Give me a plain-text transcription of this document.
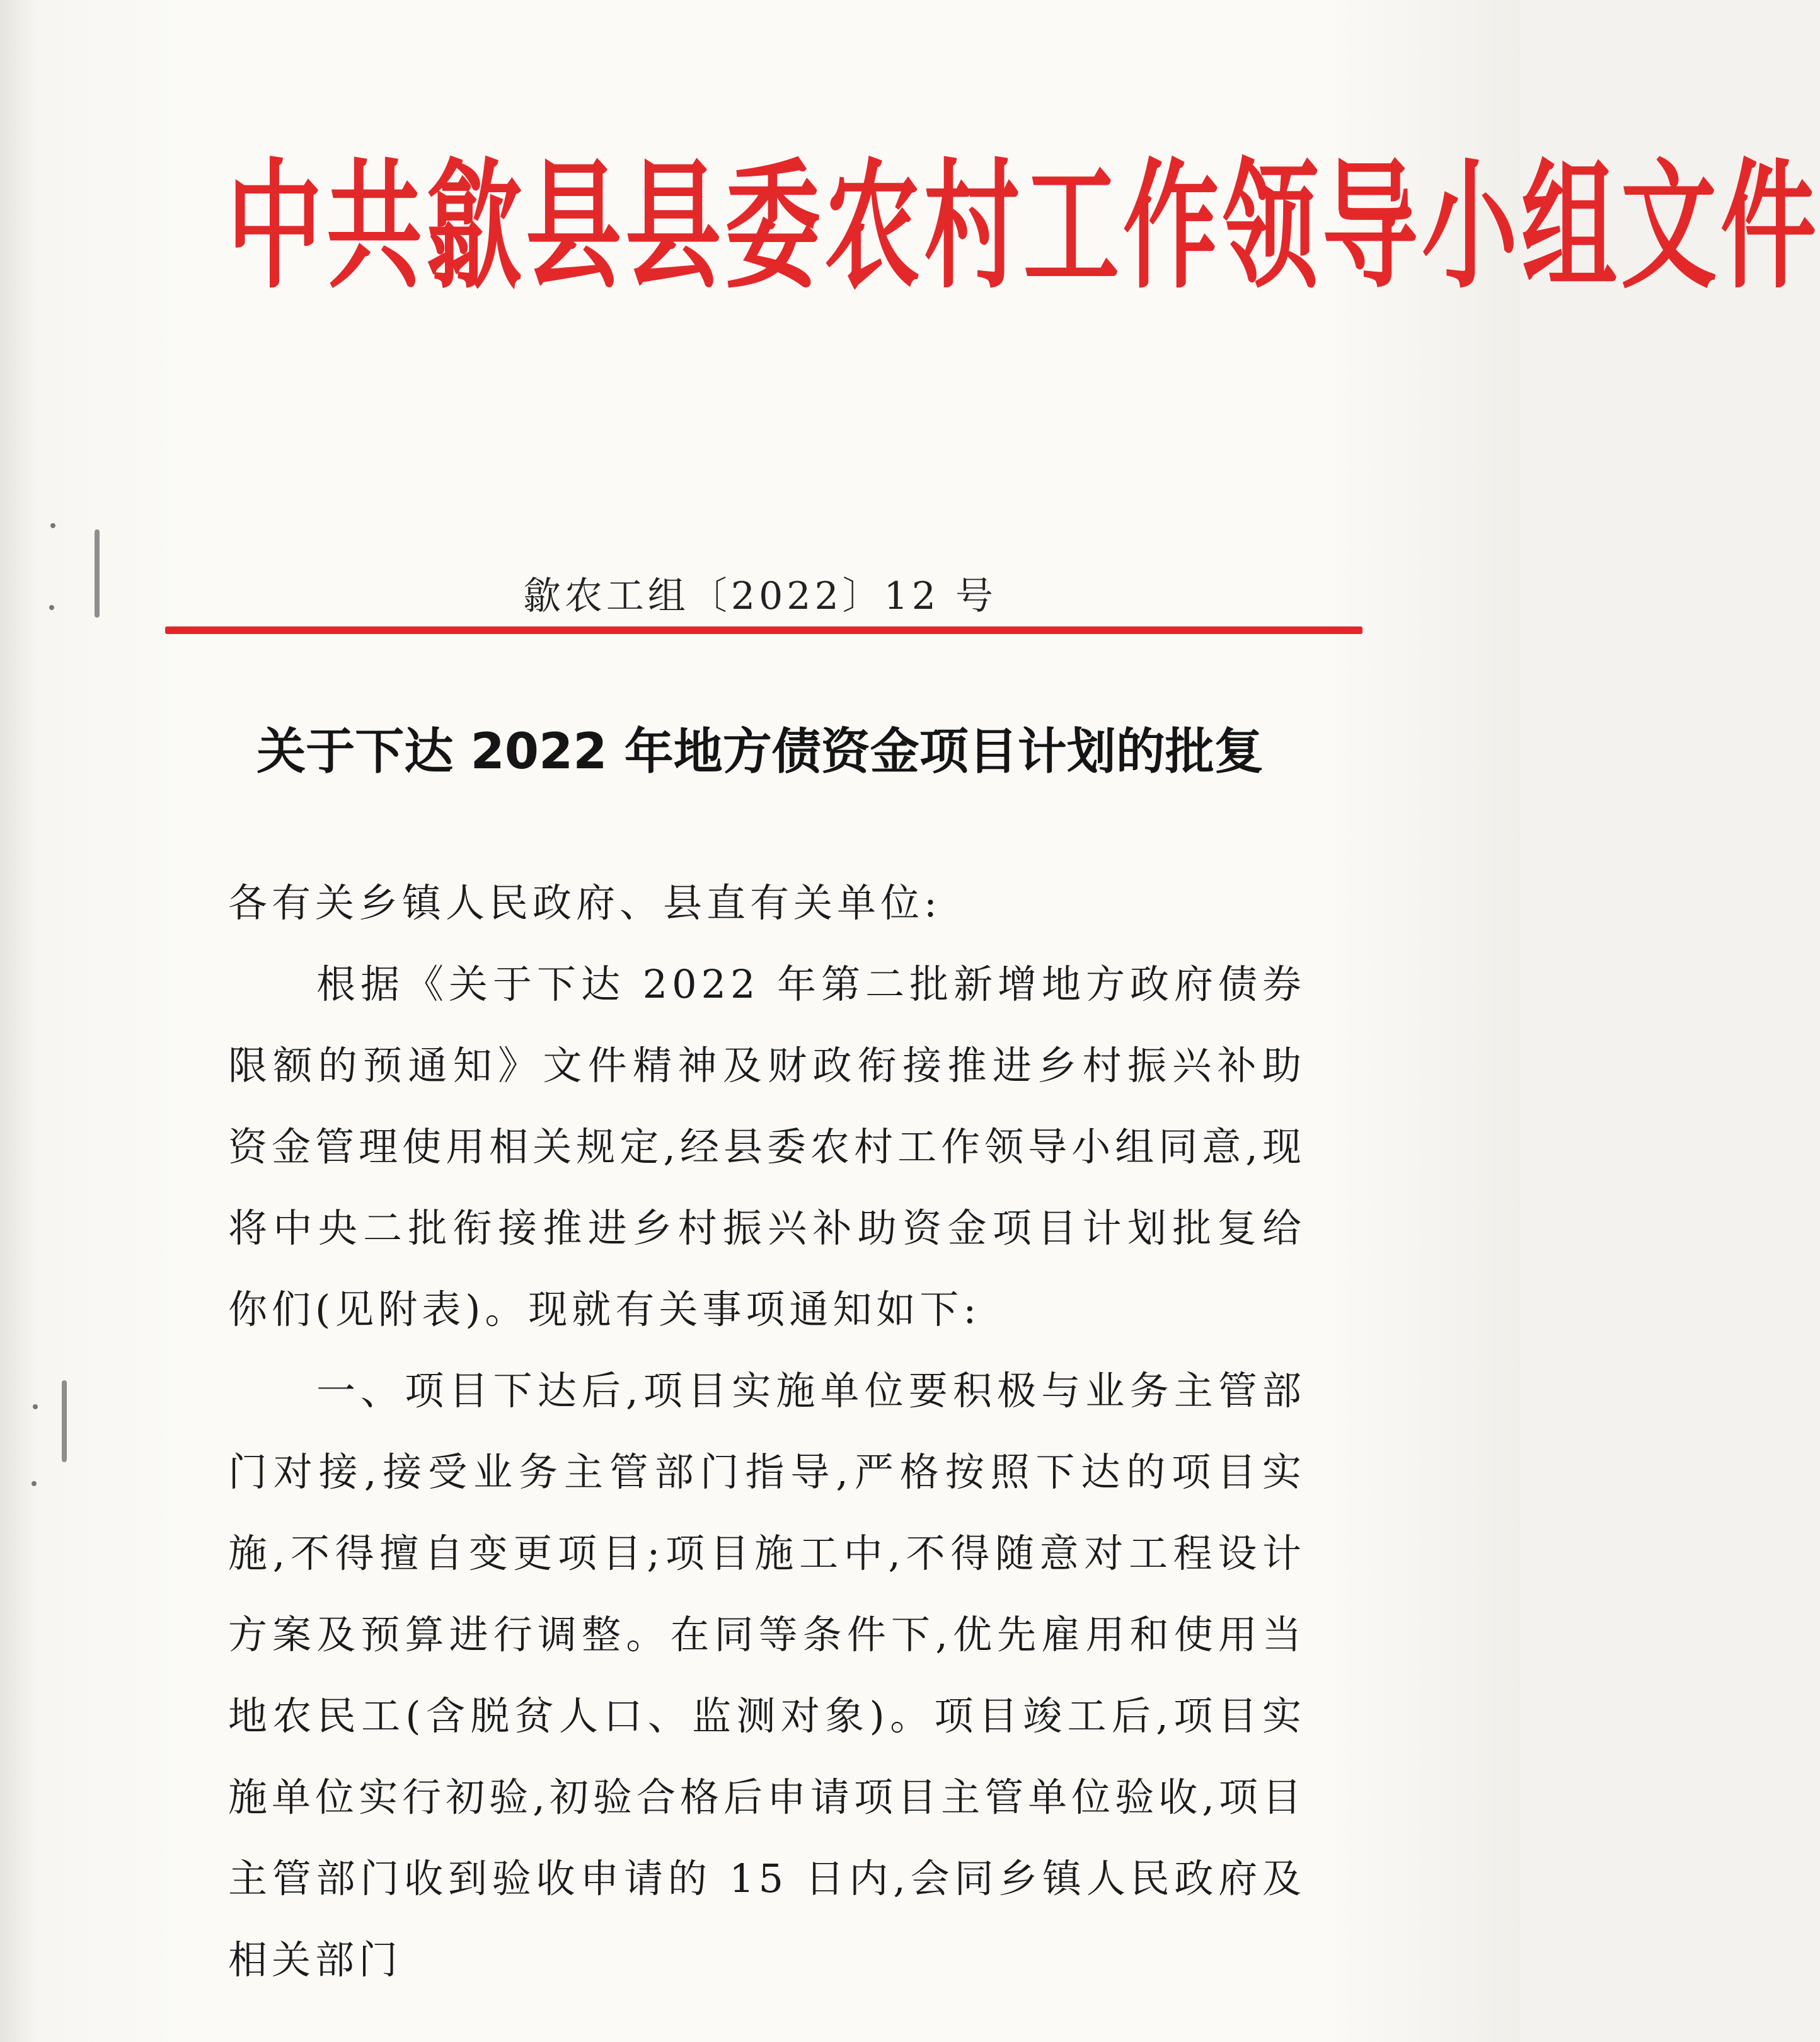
中共歙县县委农村工作领导小组文件
歙农工组〔2022〕12 号
关于下达 2022 年地方债资金项目计划的批复

各有关乡镇人民政府、县直有关单位:

根据《关于下达 2022 年第二批新增地方政府债券限额的预通知》文件精神及财政衔接推进乡村振兴补助资金管理使用相关规定,经县委农村工作领导小组同意,现将中央二批衔接推进乡村振兴补助资金项目计划批复给你们(见附表)。现就有关事项通知如下:

一、项目下达后,项目实施单位要积极与业务主管部门对接,接受业务主管部门指导,严格按照下达的项目实施,不得擅自变更项目;项目施工中,不得随意对工程设计方案及预算进行调整。在同等条件下,优先雇用和使用当地农民工(含脱贫人口、监测对象)。项目竣工后,项目实施单位实行初验,初验合格后申请项目主管单位验收,项目主管部门收到验收申请的 15 日内,会同乡镇人民政府及相关部门
